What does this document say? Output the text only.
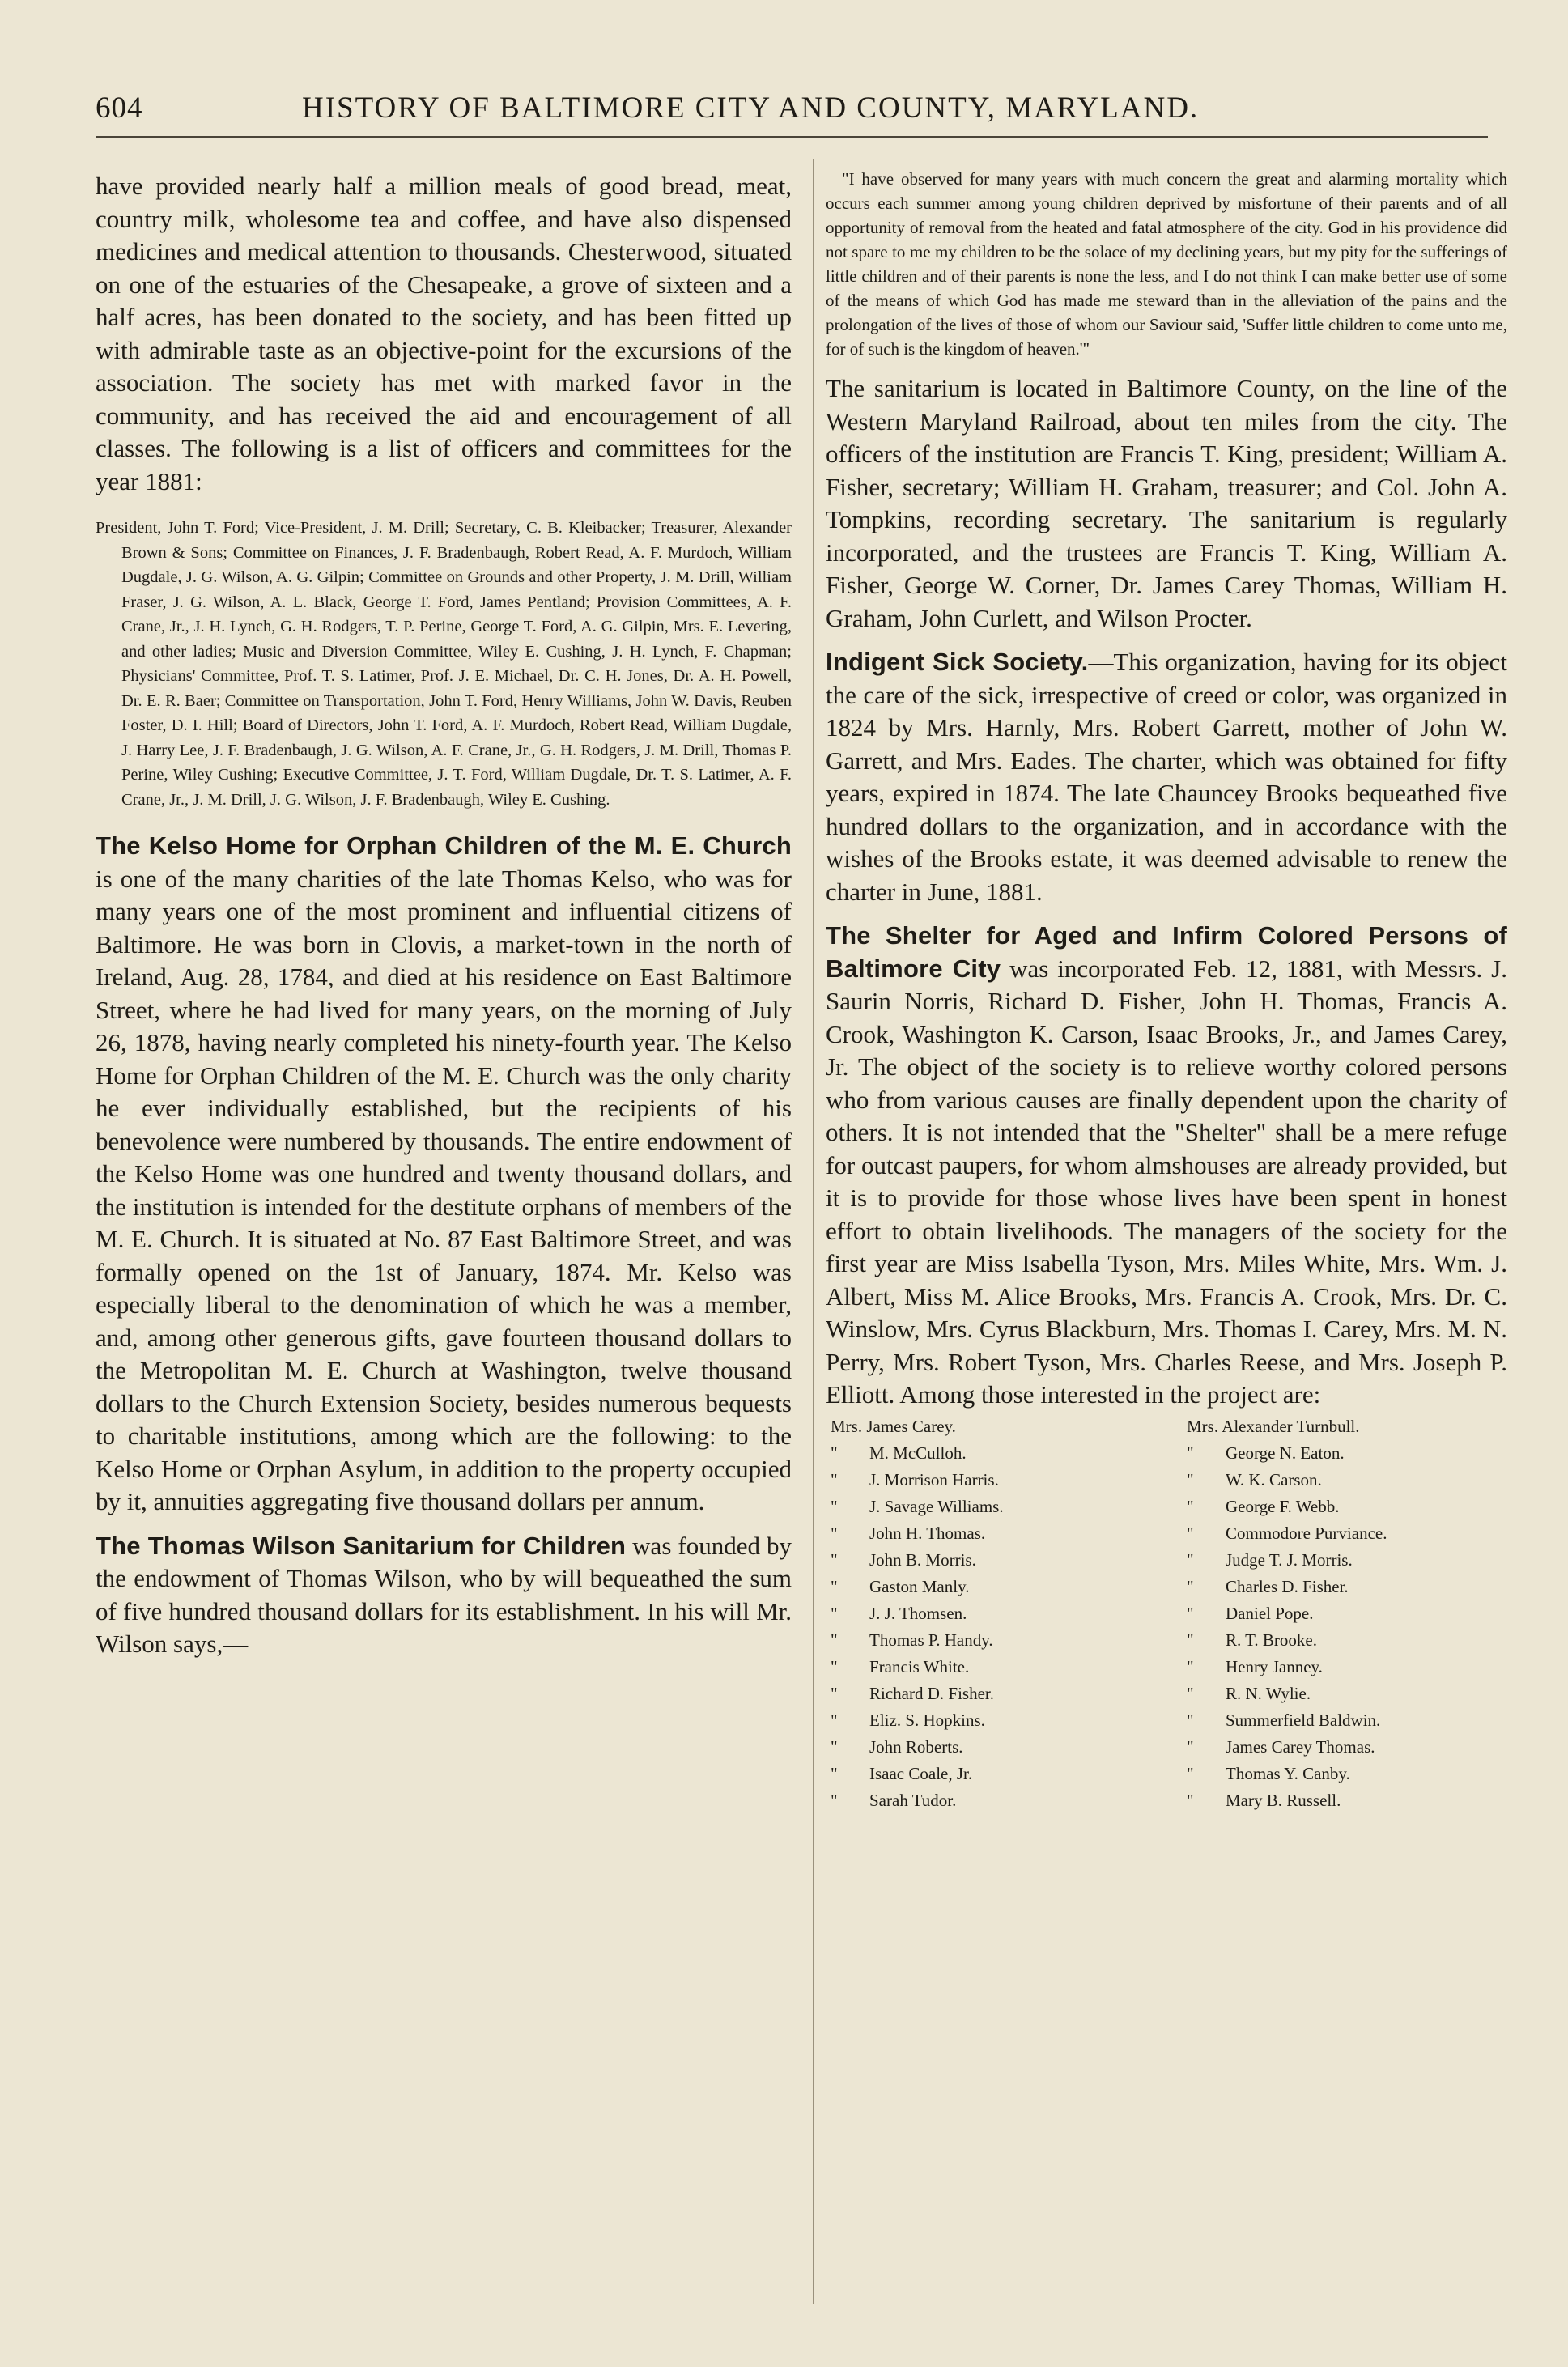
604	HISTORY OF BALTIMORE CITY AND COUNTY, MARYLAND.

have provided nearly half a million meals of good bread, meat, country milk, wholesome tea and coffee, and have also dispensed medicines and medical attention to thousands. Chesterwood, situated on one of the estuaries of the Chesapeake, a grove of sixteen and a half acres, has been donated to the society, and has been fitted up with admirable taste as an objective-point for the excursions of the association. The society has met with marked favor in the community, and has received the aid and encouragement of all classes. The following is a list of officers and committees for the year 1881:

President, John T. Ford; Vice-President, J. M. Drill; Secretary, C. B. Kleibacker; Treasurer, Alexander Brown & Sons; Committee on Finances, J. F. Bradenbaugh, Robert Read, A. F. Murdoch, William Dugdale, J. G. Wilson, A. G. Gilpin; Committee on Grounds and other Property, J. M. Drill, William Fraser, J. G. Wilson, A. L. Black, George T. Ford, James Pentland; Provision Committees, A. F. Crane, Jr., J. H. Lynch, G. H. Rodgers, T. P. Perine, George T. Ford, A. G. Gilpin, Mrs. E. Levering, and other ladies; Music and Diversion Committee, Wiley E. Cushing, J. H. Lynch, F. Chapman; Physicians' Committee, Prof. T. S. Latimer, Prof. J. E. Michael, Dr. C. H. Jones, Dr. A. H. Powell, Dr. E. R. Baer; Committee on Transportation, John T. Ford, Henry Williams, John W. Davis, Reuben Foster, D. I. Hill; Board of Directors, John T. Ford, A. F. Murdoch, Robert Read, William Dugdale, J. Harry Lee, J. F. Bradenbaugh, J. G. Wilson, A. F. Crane, Jr., G. H. Rodgers, J. M. Drill, Thomas P. Perine, Wiley Cushing; Executive Committee, J. T. Ford, William Dugdale, Dr. T. S. Latimer, A. F. Crane, Jr., J. M. Drill, J. G. Wilson, J. F. Bradenbaugh, Wiley E. Cushing.

The Kelso Home for Orphan Children of the M. E. Church is one of the many charities of the late Thomas Kelso, who was for many years one of the most prominent and influential citizens of Baltimore. He was born in Clovis, a market-town in the north of Ireland, Aug. 28, 1784, and died at his residence on East Baltimore Street, where he had lived for many years, on the morning of July 26, 1878, having nearly completed his ninety-fourth year. The Kelso Home for Orphan Children of the M. E. Church was the only charity he ever individually established, but the recipients of his benevolence were numbered by thousands. The entire endowment of the Kelso Home was one hundred and twenty thousand dollars, and the institution is intended for the destitute orphans of members of the M. E. Church. It is situated at No. 87 East Baltimore Street, and was formally opened on the 1st of January, 1874. Mr. Kelso was especially liberal to the denomination of which he was a member, and, among other generous gifts, gave fourteen thousand dollars to the Metropolitan M. E. Church at Washington, twelve thousand dollars to the Church Extension Society, besides numerous bequests to charitable institutions, among which are the following: to the Kelso Home or Orphan Asylum, in addition to the property occupied by it, annuities aggregating five thousand dollars per annum.

The Thomas Wilson Sanitarium for Children was founded by the endowment of Thomas Wilson, who by will bequeathed the sum of five hundred thousand dollars for its establishment. In his will Mr. Wilson says,—

"I have observed for many years with much concern the great and alarming mortality which occurs each summer among young children deprived by misfortune of their parents and of all opportunity of removal from the heated and fatal atmosphere of the city. God in his providence did not spare to me my children to be the solace of my declining years, but my pity for the sufferings of little children and of their parents is none the less, and I do not think I can make better use of some of the means of which God has made me steward than in the alleviation of the pains and the prolongation of the lives of those of whom our Saviour said, 'Suffer little children to come unto me, for of such is the kingdom of heaven.'"

The sanitarium is located in Baltimore County, on the line of the Western Maryland Railroad, about ten miles from the city. The officers of the institution are Francis T. King, president; William A. Fisher, secretary; William H. Graham, treasurer; and Col. John A. Tompkins, recording secretary. The sanitarium is regularly incorporated, and the trustees are Francis T. King, William A. Fisher, George W. Corner, Dr. James Carey Thomas, William H. Graham, John Curlett, and Wilson Procter.

Indigent Sick Society.—This organization, having for its object the care of the sick, irrespective of creed or color, was organized in 1824 by Mrs. Harnly, Mrs. Robert Garrett, mother of John W. Garrett, and Mrs. Eades. The charter, which was obtained for fifty years, expired in 1874. The late Chauncey Brooks bequeathed five hundred dollars to the organization, and in accordance with the wishes of the Brooks estate, it was deemed advisable to renew the charter in June, 1881.

The Shelter for Aged and Infirm Colored Persons of Baltimore City was incorporated Feb. 12, 1881, with Messrs. J. Saurin Norris, Richard D. Fisher, John H. Thomas, Francis A. Crook, Washington K. Carson, Isaac Brooks, Jr., and James Carey, Jr. The object of the society is to relieve worthy colored persons who from various causes are finally dependent upon the charity of others. It is not intended that the "Shelter" shall be a mere refuge for outcast paupers, for whom almshouses are already provided, but it is to provide for those whose lives have been spent in honest effort to obtain livelihoods. The managers of the society for the first year are Miss Isabella Tyson, Mrs. Miles White, Mrs. Wm. J. Albert, Miss M. Alice Brooks, Mrs. Francis A. Crook, Mrs. Dr. C. Winslow, Mrs. Cyrus Blackburn, Mrs. Thomas I. Carey, Mrs. M. N. Perry, Mrs. Robert Tyson, Mrs. Charles Reese, and Mrs. Joseph P. Elliott. Among those interested in the project are:

Mrs. James Carey.
" M. McCulloh.
" J. Morrison Harris.
" J. Savage Williams.
" John H. Thomas.
" John B. Morris.
" Gaston Manly.
" J. J. Thomsen.
" Thomas P. Handy.
" Francis White.
" Richard D. Fisher.
" Eliz. S. Hopkins.
" John Roberts.
" Isaac Coale, Jr.
" Sarah Tudor.
Mrs. Alexander Turnbull.
" George N. Eaton.
" W. K. Carson.
" George F. Webb.
" Commodore Purviance.
" Judge T. J. Morris.
" Charles D. Fisher.
" Daniel Pope.
" R. T. Brooke.
" Henry Janney.
" R. N. Wylie.
" Summerfield Baldwin.
" James Carey Thomas.
" Thomas Y. Canby.
" Mary B. Russell.
